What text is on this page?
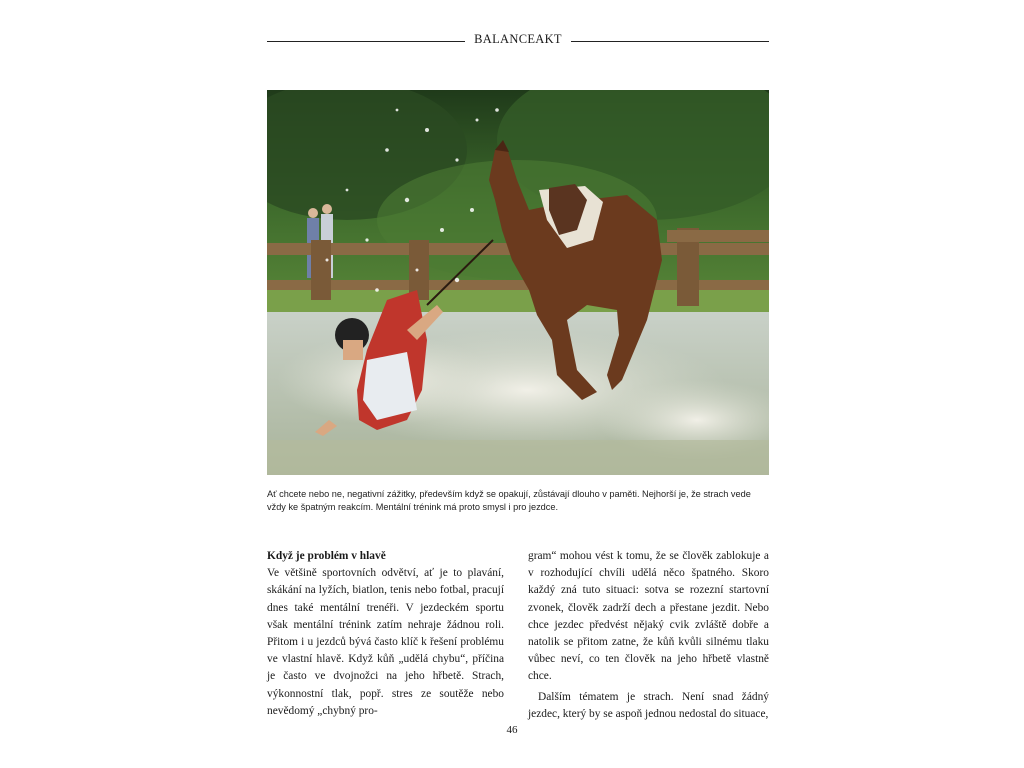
BALANCEAKT
Ať chcete nebo ne, negativní zážitky, především když se opakují, zůstávají dlouho v paměti. Nejhorší je, že strach vede vždy ke špatným reakcím. Mentální trénink má proto smysl i pro jezdce.
Když je problém v hlavě

Ve většině sportovních odvětví, ať je to plavání, skákání na lyžích, biatlon, tenis nebo fotbal, pracují dnes také mentální trenéři. V jezdeckém sportu však mentální trénink zatím nehraje žádnou roli. Přitom i u jezdců bývá často klíč k řešení problému ve vlastní hlavě. Když kůň „udělá chybu“, příčina je často ve dvojnožci na jeho hřbetě. Strach, výkonnostní tlak, popř. stres ze soutěže nebo nevědomý „chybný pro-

gram“ mohou vést k tomu, že se člověk zablokuje a v rozhodující chvíli udělá něco špatného. Skoro každý zná tuto situaci: sotva se rozezní startovní zvonek, člověk zadrží dech a přestane jezdit. Nebo chce jezdec předvést nějaký cvik zvláště dobře a natolik se přitom zatne, že kůň kvůli silnému tlaku vůbec neví, co ten člověk na jeho hřbetě vlastně chce.

Dalším tématem je strach. Není snad žádný jezdec, který by se aspoň jednou nedostal do situace,

46
